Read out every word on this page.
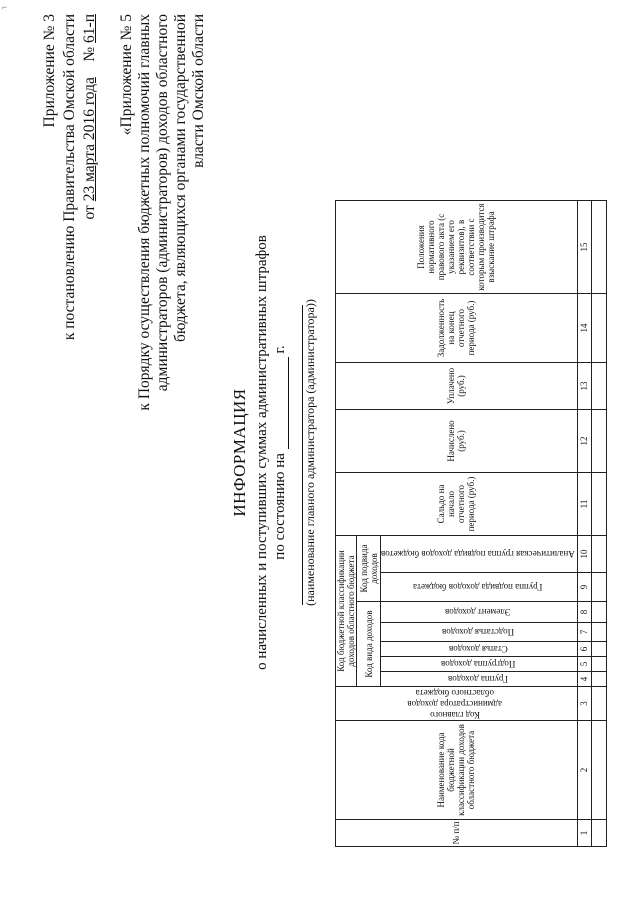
⌐
Приложение № 3 к постановлению Правительства Омской области от 23 марта 2016 года    № 61-п «Приложение № 5 к Порядку осуществления бюджетных полномочий главных администраторов (администраторов) доходов областного бюджета, являющихся органами государственной власти Омской области
ИНФОРМАЦИЯ о начисленных и поступивших суммах административных штрафов по состоянию на  г. (наименование главного администратора (администратора))
№ п/п	Наименование кода бюджетной классификации доходов областного бюджета	Код главного администратора доходов областного бюджета	Код бюджетной классификации доходов областного бюджета							Сальдо на начало отчетного периода (руб.)	Начислено (руб.)	Уплачено (руб.)	Задолженность на конец отчетного периода (руб.)	Положения нормативного правового акта (с указанием его реквизитов), в соответствии с которым производится взыскание штрафа
			Код вида доходов					Код подвида доходов						
			Группа доходов	Подгруппа доходов	Статья доходов	Подстатья доходов	Элемент доходов	Группа подвида доходов бюджета	Аналитическая группа подвида доходов бюджетов					
1	2	3	4	5	6	7	8	9	10	11	12	13	14	15
